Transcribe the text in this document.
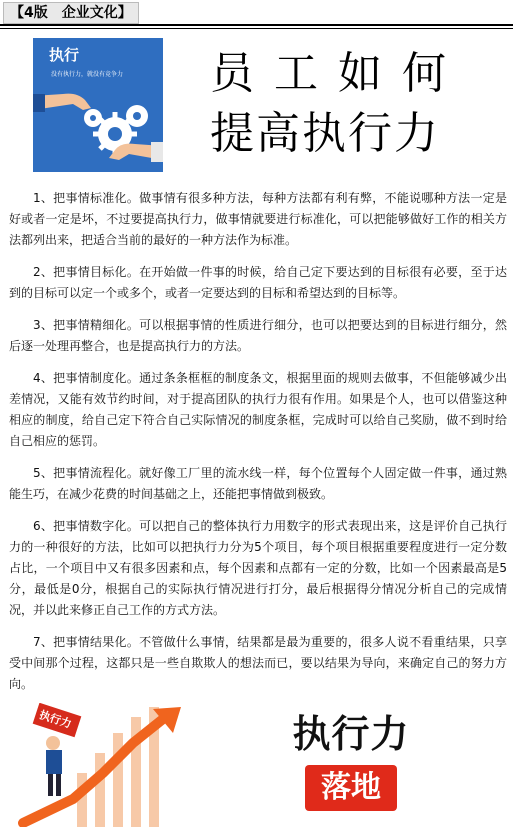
【4版 企业文化】
执行
没有执行力，就没有竞争力 员工如何
提高执行力

1、把事情标准化。做事情有很多种方法，每种方法都有利有弊，不能说哪种方法一定是好或者一定是坏，不过要提高执行力，做事情就要进行标准化，可以把能够做好工作的相关方法都列出来，把适合当前的最好的一种方法作为标准。

2、把事情目标化。在开始做一件事的时候，给自己定下要达到的目标很有必要，至于达到的目标可以定一个或多个，或者一定要达到的目标和希望达到的目标等。

3、把事情精细化。可以根据事情的性质进行细分，也可以把要达到的目标进行细分，然后逐一处理再整合，也是提高执行力的方法。

4、把事情制度化。通过条条框框的制度条文，根据里面的规则去做事，不但能够减少出差情况，又能有效节约时间，对于提高团队的执行力很有作用。如果是个人，也可以借鉴这种相应的制度，给自己定下符合自己实际情况的制度条框，完成时可以给自己奖励，做不到时给自己相应的惩罚。

5、把事情流程化。就好像工厂里的流水线一样，每个位置每个人固定做一件事，通过熟能生巧，在减少花费的时间基础之上，还能把事情做到极致。

6、把事情数字化。可以把自己的整体执行力用数字的形式表现出来，这是评价自己执行力的一种很好的方法，比如可以把执行力分为5个项目，每个项目根据重要程度进行一定分数占比，一个项目中又有很多因素和点，每个因素和点都有一定的分数，比如一个因素最高是5分，最低是0分，根据自己的实际执行情况进行打分，最后根据得分情况分析自己的完成情况，并以此来修正自己工作的方式方法。

7、把事情结果化。不管做什么事情，结果都是最为重要的，很多人说不看重结果，只享受中间那个过程，这都只是一些自欺欺人的想法而已，要以结果为导向，来确定自己的努力方向。

执行力	执行力
落地
